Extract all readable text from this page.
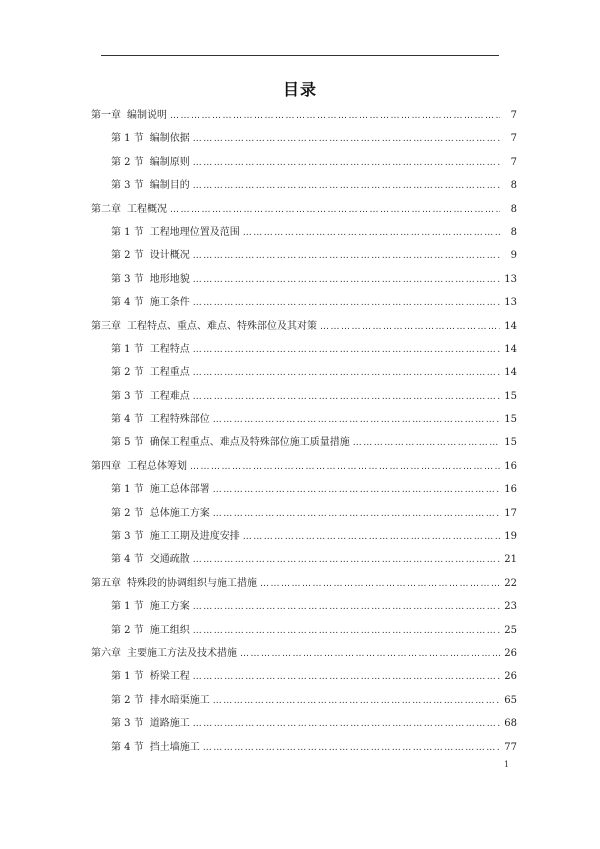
目录
第一章 编制说明 ……………………………………………………………………………………………………………………………………………………………………………………	7
第 1 节 编制依据 ……………………………………………………………………………………………………………………………………………………………………………………	7
第 2 节 编制原则 ……………………………………………………………………………………………………………………………………………………………………………………	7
第 3 节 编制目的 ……………………………………………………………………………………………………………………………………………………………………………………	8
第二章 工程概况 ……………………………………………………………………………………………………………………………………………………………………………………	8
第 1 节 工程地理位置及范围 ……………………………………………………………………………………………………………………………………………………………………………………	8
第 2 节 设计概况 ……………………………………………………………………………………………………………………………………………………………………………………	9
第 3 节 地形地貌 ……………………………………………………………………………………………………………………………………………………………………………………	13
第 4 节 施工条件 ……………………………………………………………………………………………………………………………………………………………………………………	13
第三章 工程特点、重点、难点、特殊部位及其对策 ……………………………………………………………………………………………………………………………………………………………………………………	14
第 1 节 工程特点 ……………………………………………………………………………………………………………………………………………………………………………………	14
第 2 节 工程重点 ……………………………………………………………………………………………………………………………………………………………………………………	14
第 3 节 工程难点 ……………………………………………………………………………………………………………………………………………………………………………………	15
第 4 节 工程特殊部位 ……………………………………………………………………………………………………………………………………………………………………………………	15
第 5 节 确保工程重点、难点及特殊部位施工质量措施 ……………………………………………………………………………………………………………………………………………………………………………………	15
第四章 工程总体筹划 ……………………………………………………………………………………………………………………………………………………………………………………	16
第 1 节 施工总体部署 ……………………………………………………………………………………………………………………………………………………………………………………	16
第 2 节 总体施工方案 ……………………………………………………………………………………………………………………………………………………………………………………	17
第 3 节 施工工期及进度安排 ……………………………………………………………………………………………………………………………………………………………………………………	19
第 4 节 交通疏散 ……………………………………………………………………………………………………………………………………………………………………………………	21
第五章 特殊段的协调组织与施工措施 ……………………………………………………………………………………………………………………………………………………………………………………	22
第 1 节 施工方案 ……………………………………………………………………………………………………………………………………………………………………………………	23
第 2 节 施工组织 ……………………………………………………………………………………………………………………………………………………………………………………	25
第六章 主要施工方法及技术措施 ……………………………………………………………………………………………………………………………………………………………………………………	26
第 1 节 桥梁工程 ……………………………………………………………………………………………………………………………………………………………………………………	26
第 2 节 排水暗渠施工 ……………………………………………………………………………………………………………………………………………………………………………………	65
第 3 节 道路施工 ……………………………………………………………………………………………………………………………………………………………………………………	68
第 4 节 挡土墙施工 ……………………………………………………………………………………………………………………………………………………………………………………	77
1
